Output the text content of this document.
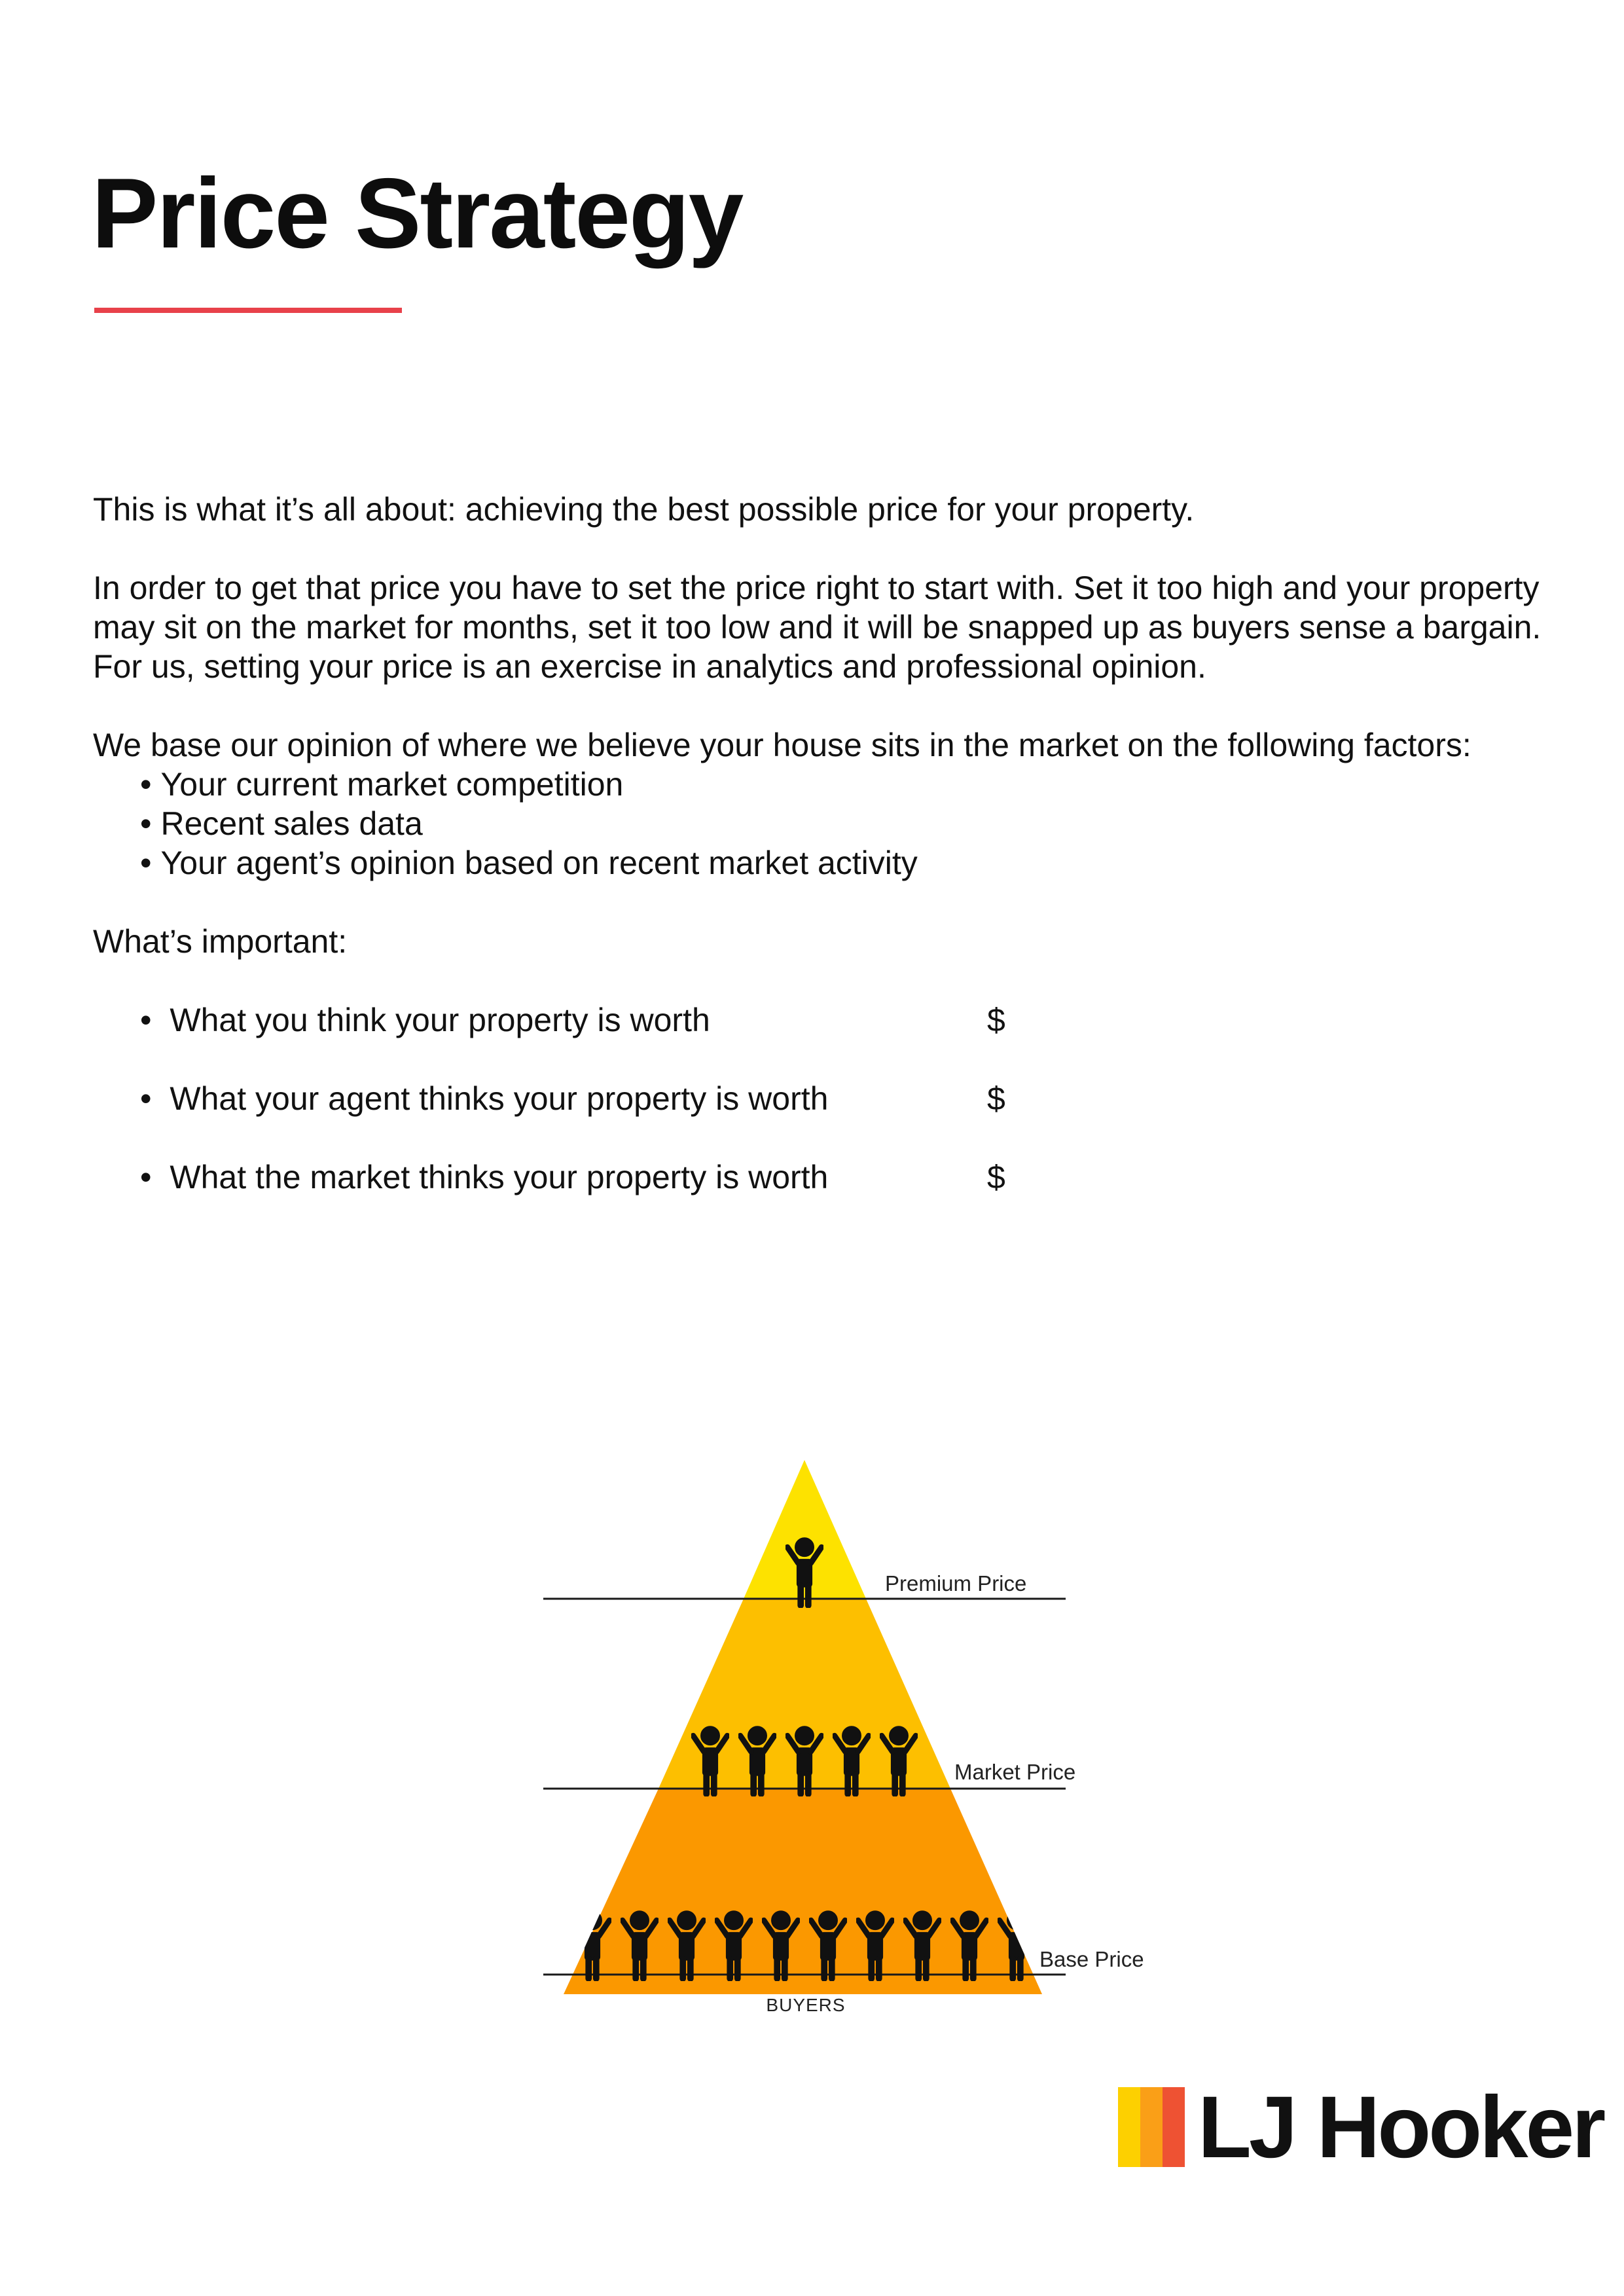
Price Strategy

This is what it’s all about: achieving the best possible price for your property.

In order to get that price you have to set the price right to start with. Set it too high and your property may sit on the market for months, set it too low and it will be snapped up as buyers sense a bargain. For us, setting your price is an exercise in analytics and professional opinion.

We base our opinion of where we believe your house sits in the market on the following factors:

• Your current market competition
• Recent sales data
• Your agent’s opinion based on recent market activity

What’s important:

• What you think your property is worth	$
• What your agent thinks your property is worth	$
• What the market thinks your property is worth	$
Premium Price
Market Price
Base Price
BUYERS
LJ Hooker
